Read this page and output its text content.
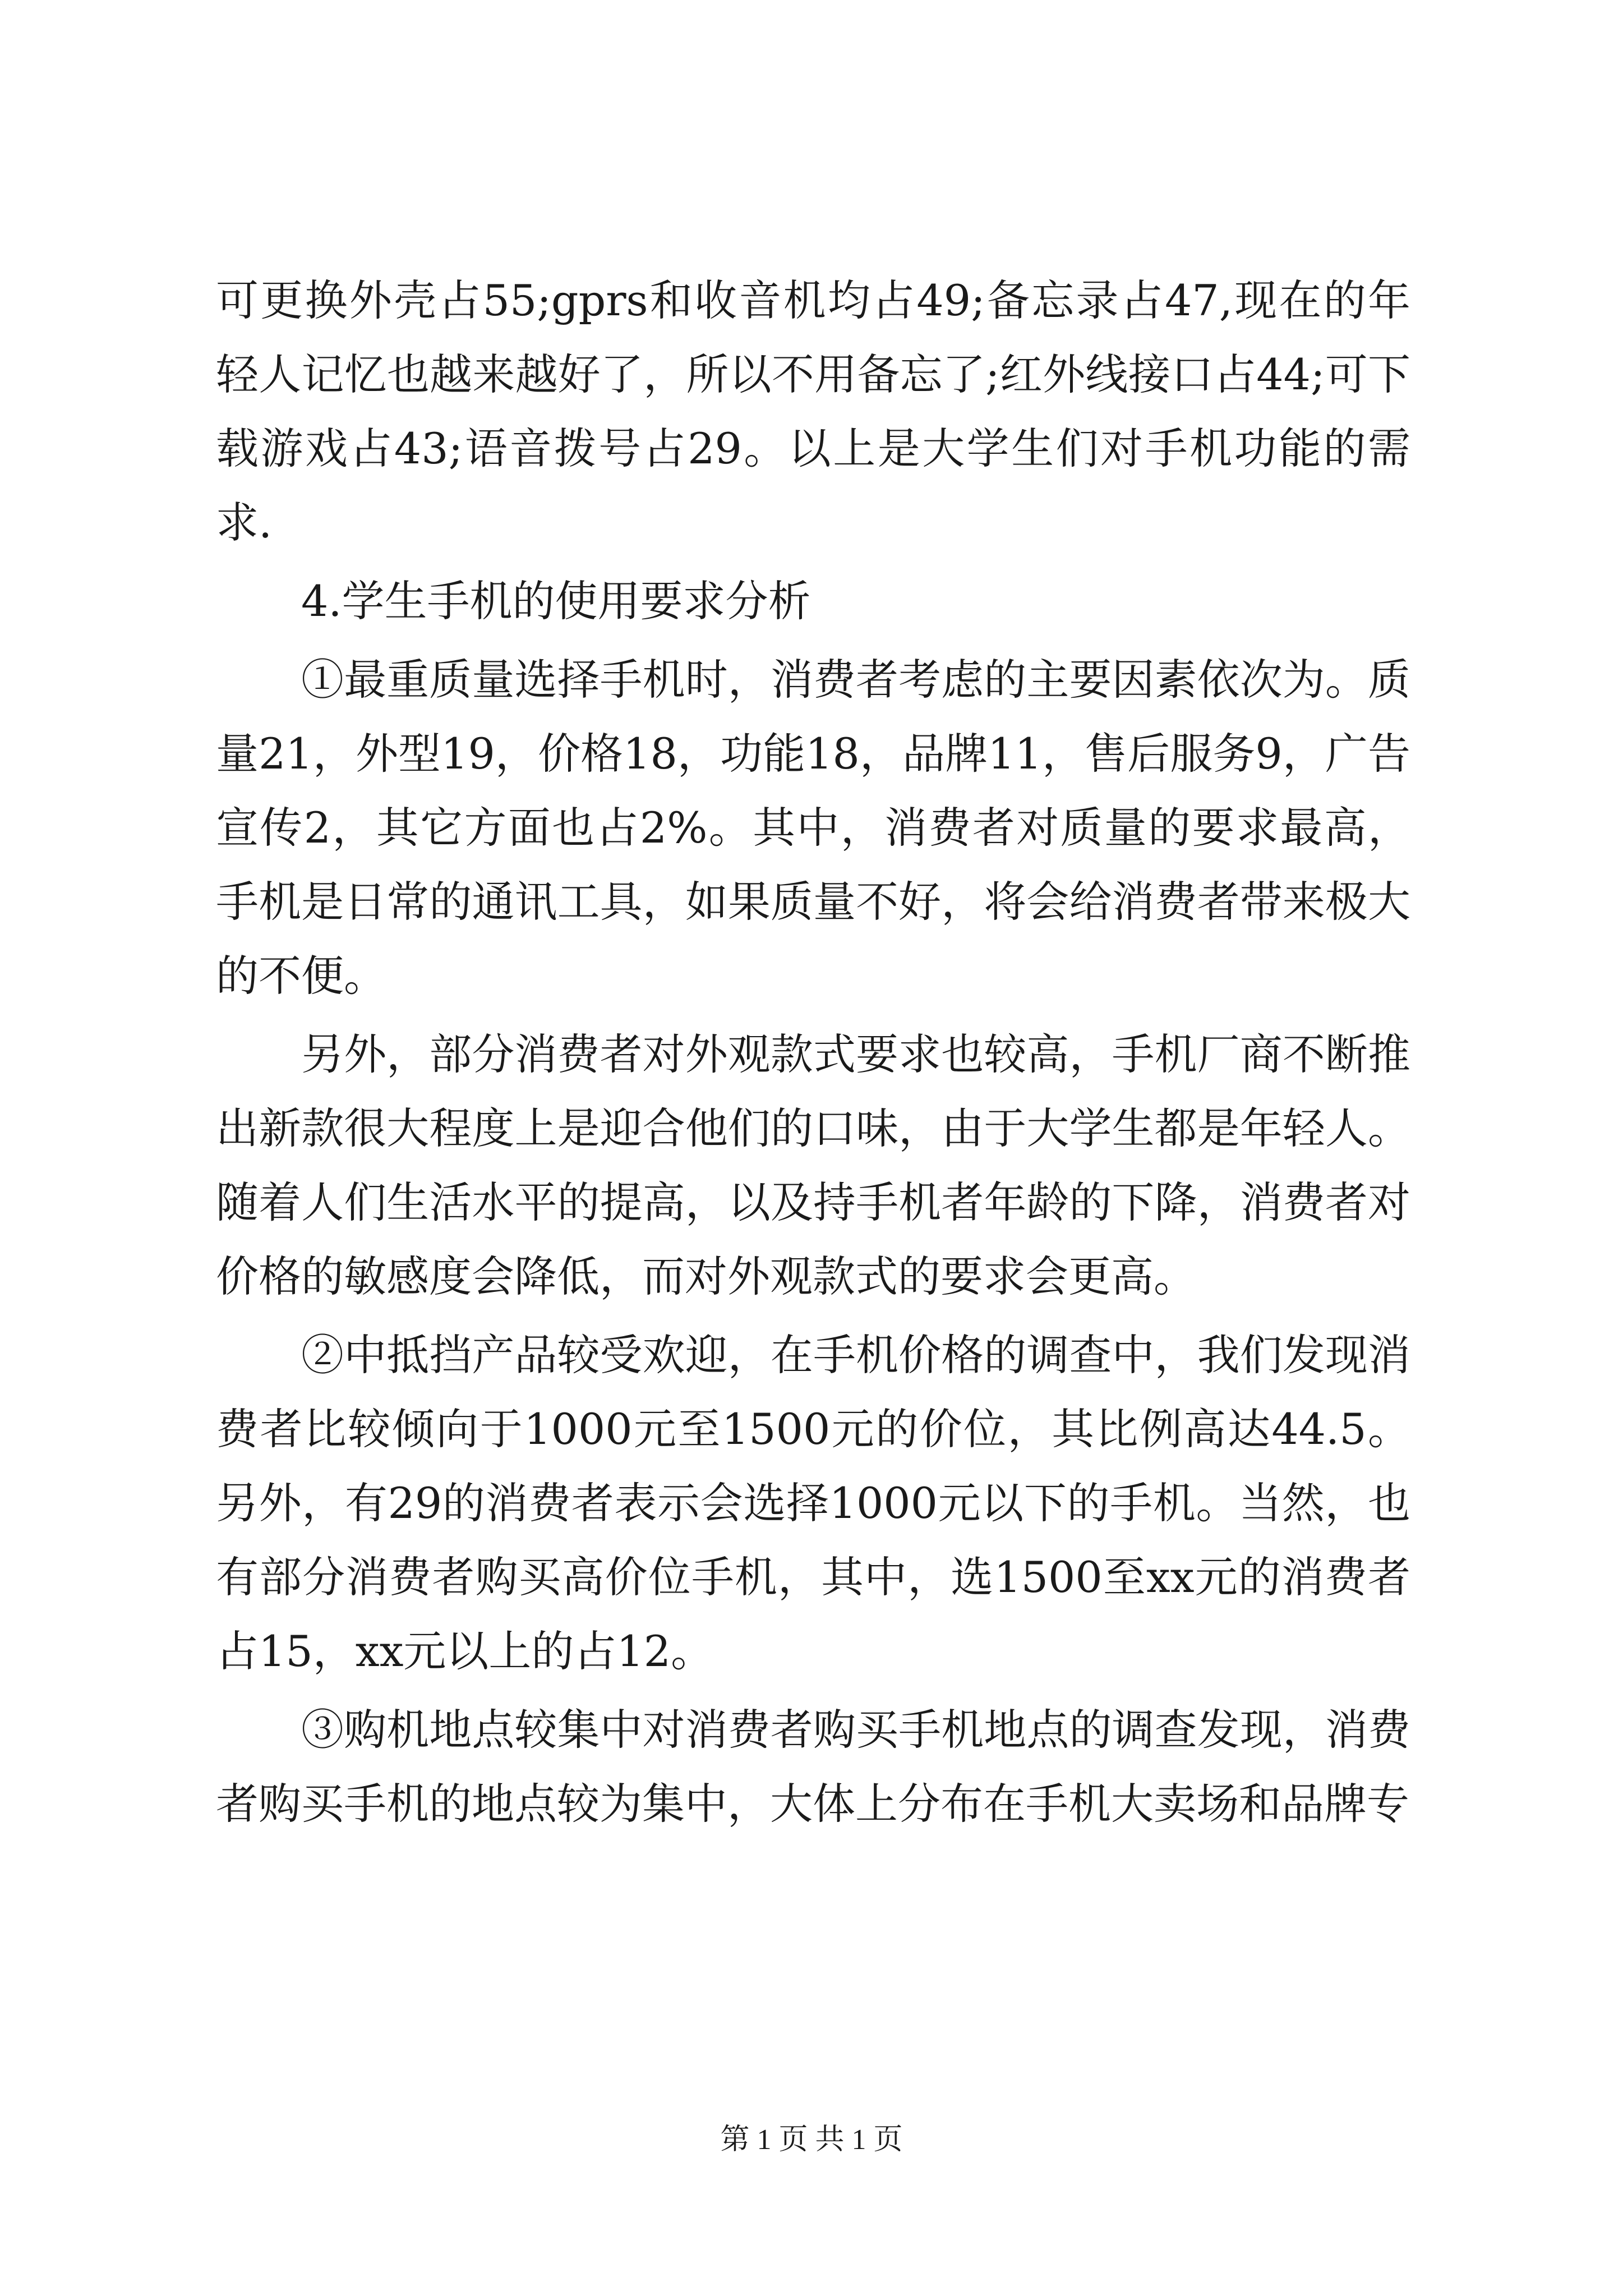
可更换外壳占55;gprs和收音机均占49;备忘录占47,现在的年轻人记忆也越来越好了，所以不用备忘了;红外线接口占44;可下载游戏占43;语音拨号占29。以上是大学生们对手机功能的需求.

4.学生手机的使用要求分析

①最重质量选择手机时，消费者考虑的主要因素依次为。质量21，外型19，价格18，功能18，品牌11，售后服务9，广告宣传2，其它方面也占2%。其中，消费者对质量的要求最高，手机是日常的通讯工具，如果质量不好，将会给消费者带来极大的不便。

另外，部分消费者对外观款式要求也较高，手机厂商不断推出新款很大程度上是迎合他们的口味，由于大学生都是年轻人。随着人们生活水平的提高，以及持手机者年龄的下降，消费者对价格的敏感度会降低，而对外观款式的要求会更高。

②中抵挡产品较受欢迎，在手机价格的调查中，我们发现消费者比较倾向于1000元至1500元的价位，其比例高达44.5。另外，有29的消费者表示会选择1000元以下的手机。当然，也有部分消费者购买高价位手机，其中，选1500至xx元的消费者占15，xx元以上的占12。

③购机地点较集中对消费者购买手机地点的调查发现，消费者购买手机的地点较为集中，大体上分布在手机大卖场和品牌专

第 1 页 共 1 页
